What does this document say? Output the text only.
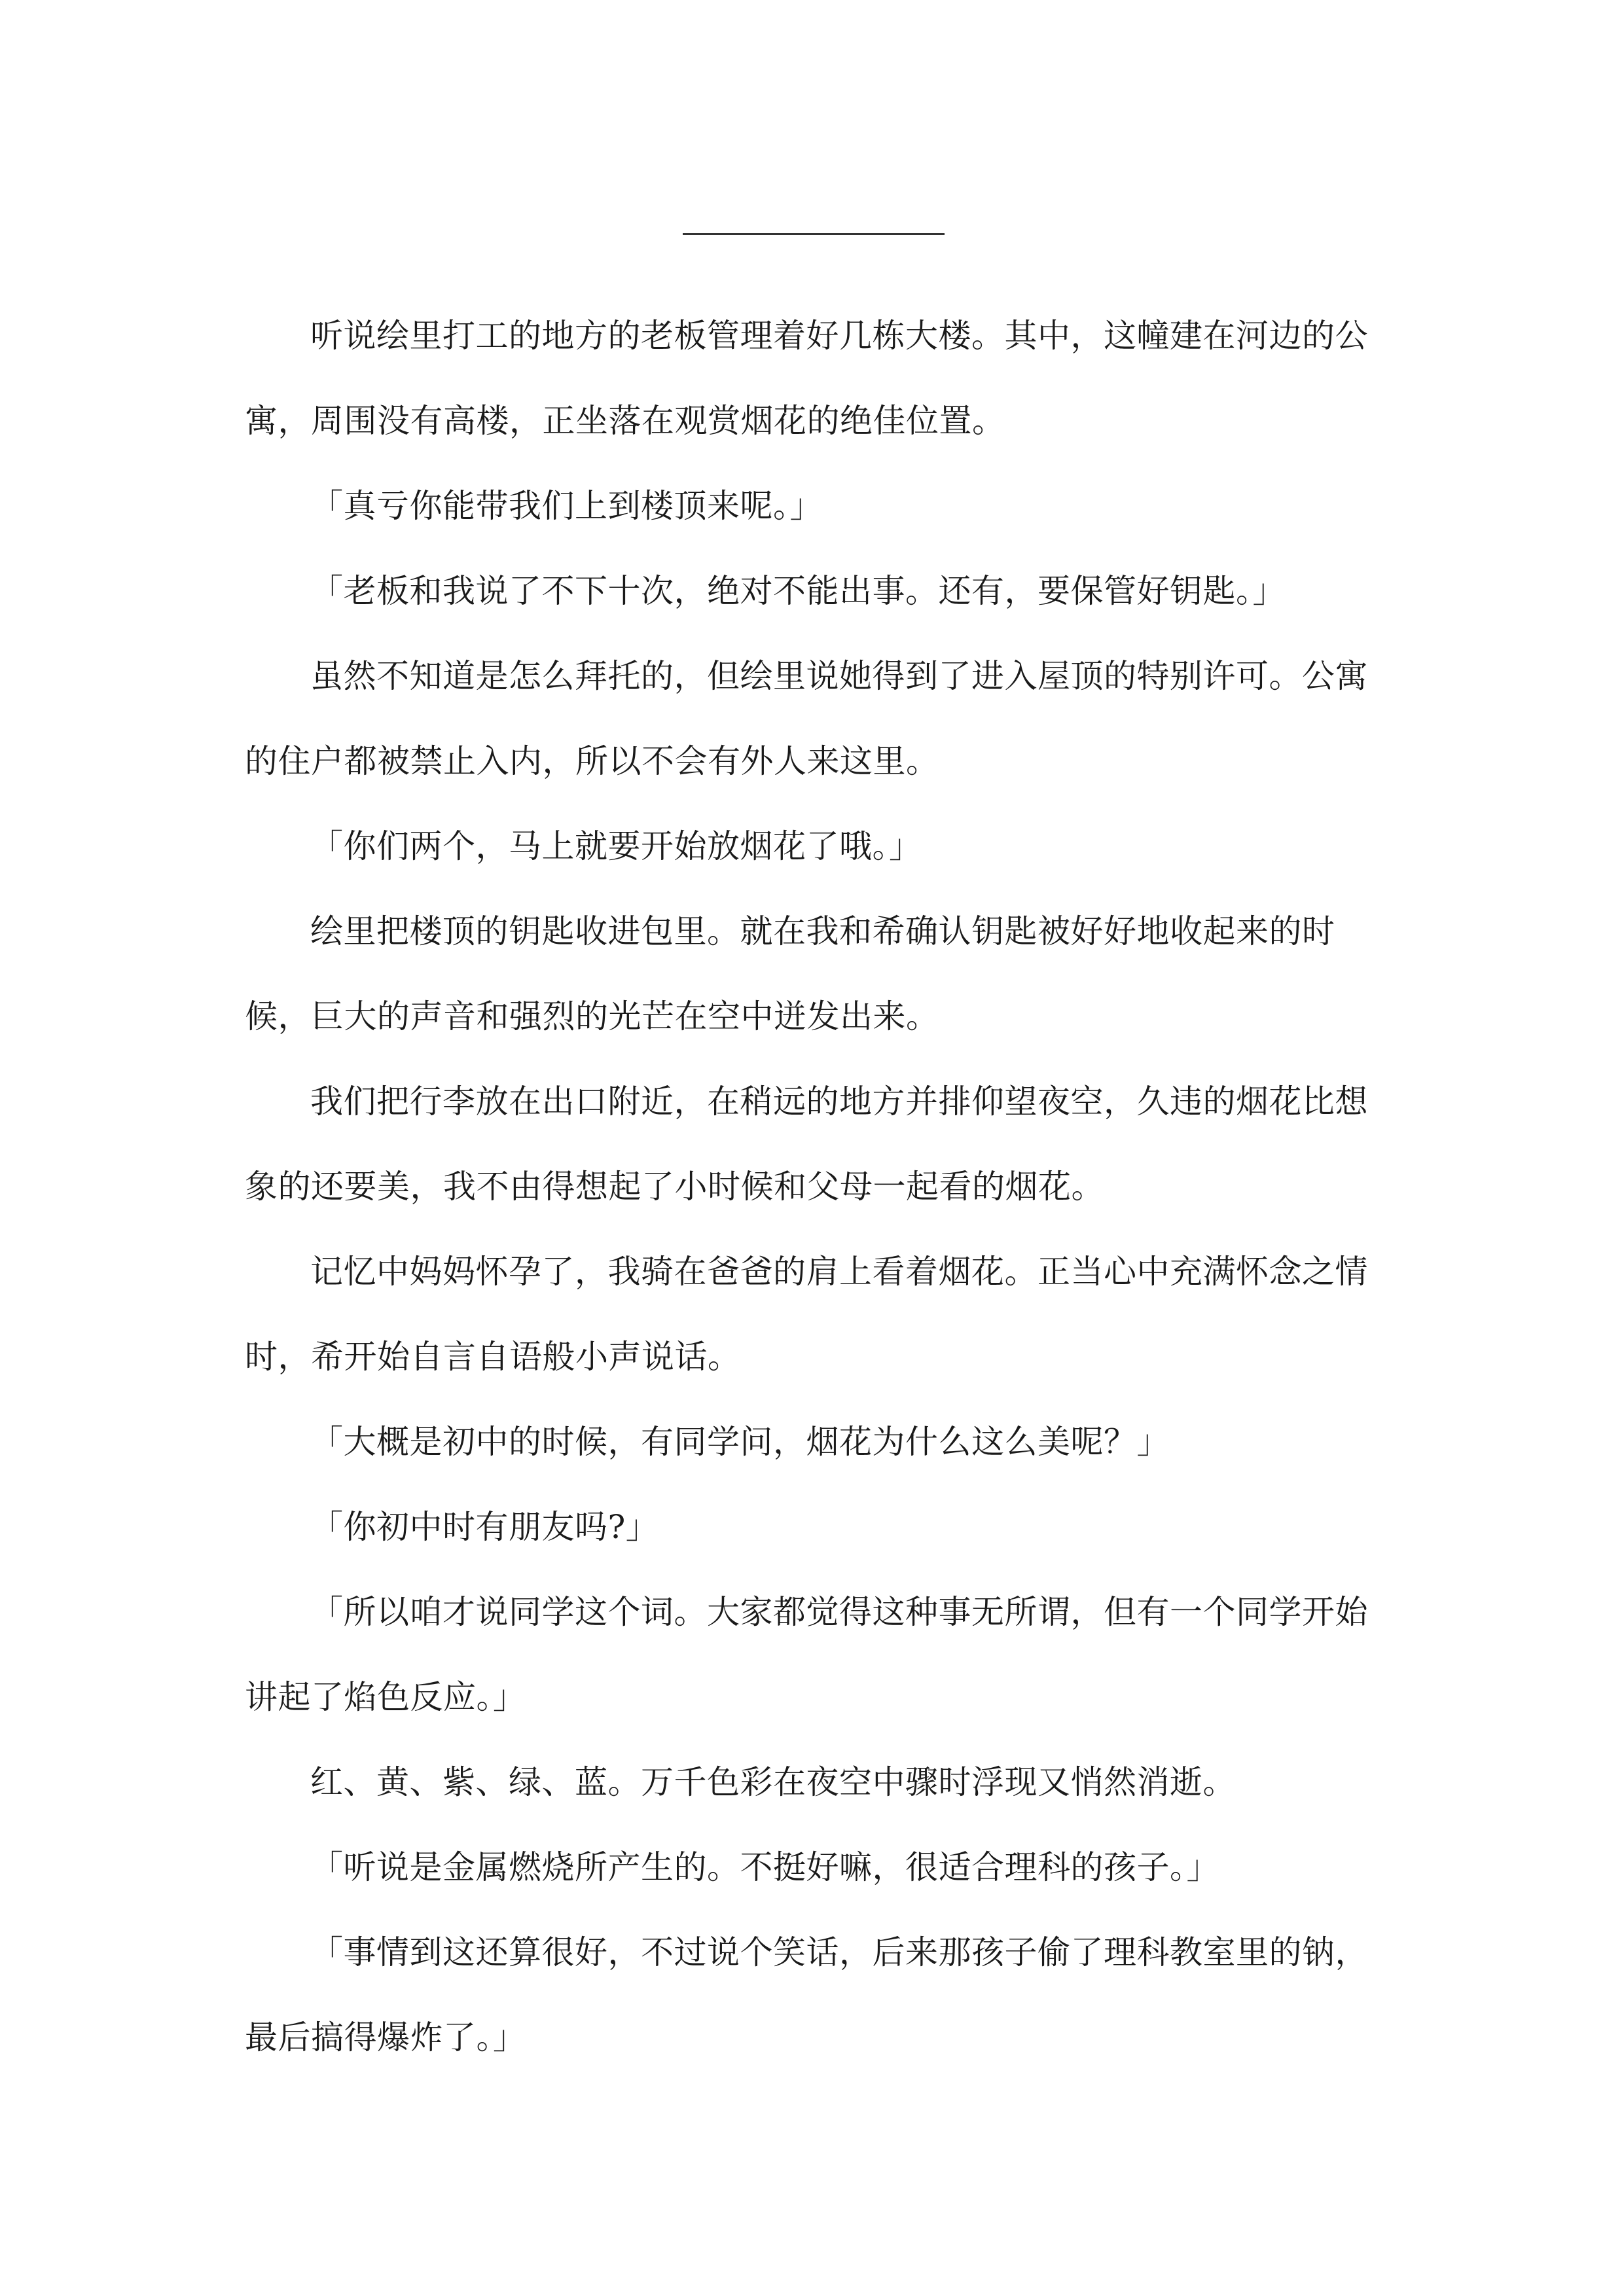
听说绘里打工的地方的老板管理着好几栋大楼。其中，这幢建在河边的公寓，周围没有高楼，正坐落在观赏烟花的绝佳位置。

「真亏你能带我们上到楼顶来呢。」

「老板和我说了不下十次，绝对不能出事。还有，要保管好钥匙。」

虽然不知道是怎么拜托的，但绘里说她得到了进入屋顶的特别许可。公寓的住户都被禁止入内，所以不会有外人来这里。

「你们两个，马上就要开始放烟花了哦。」

绘里把楼顶的钥匙收进包里。就在我和希确认钥匙被好好地收起来的时候，巨大的声音和强烈的光芒在空中迸发出来。

我们把行李放在出口附近，在稍远的地方并排仰望夜空，久违的烟花比想象的还要美，我不由得想起了小时候和父母一起看的烟花。

记忆中妈妈怀孕了，我骑在爸爸的肩上看着烟花。正当心中充满怀念之情时，希开始自言自语般小声说话。

「大概是初中的时候，有同学问，烟花为什么这么美呢？」

「你初中时有朋友吗?」

「所以咱才说同学这个词。大家都觉得这种事无所谓，但有一个同学开始讲起了焰色反应。」

红、黄、紫、绿、蓝。万千色彩在夜空中骤时浮现又悄然消逝。

「听说是金属燃烧所产生的。不挺好嘛，很适合理科的孩子。」

「事情到这还算很好，不过说个笑话，后来那孩子偷了理科教室里的钠，最后搞得爆炸了。」
